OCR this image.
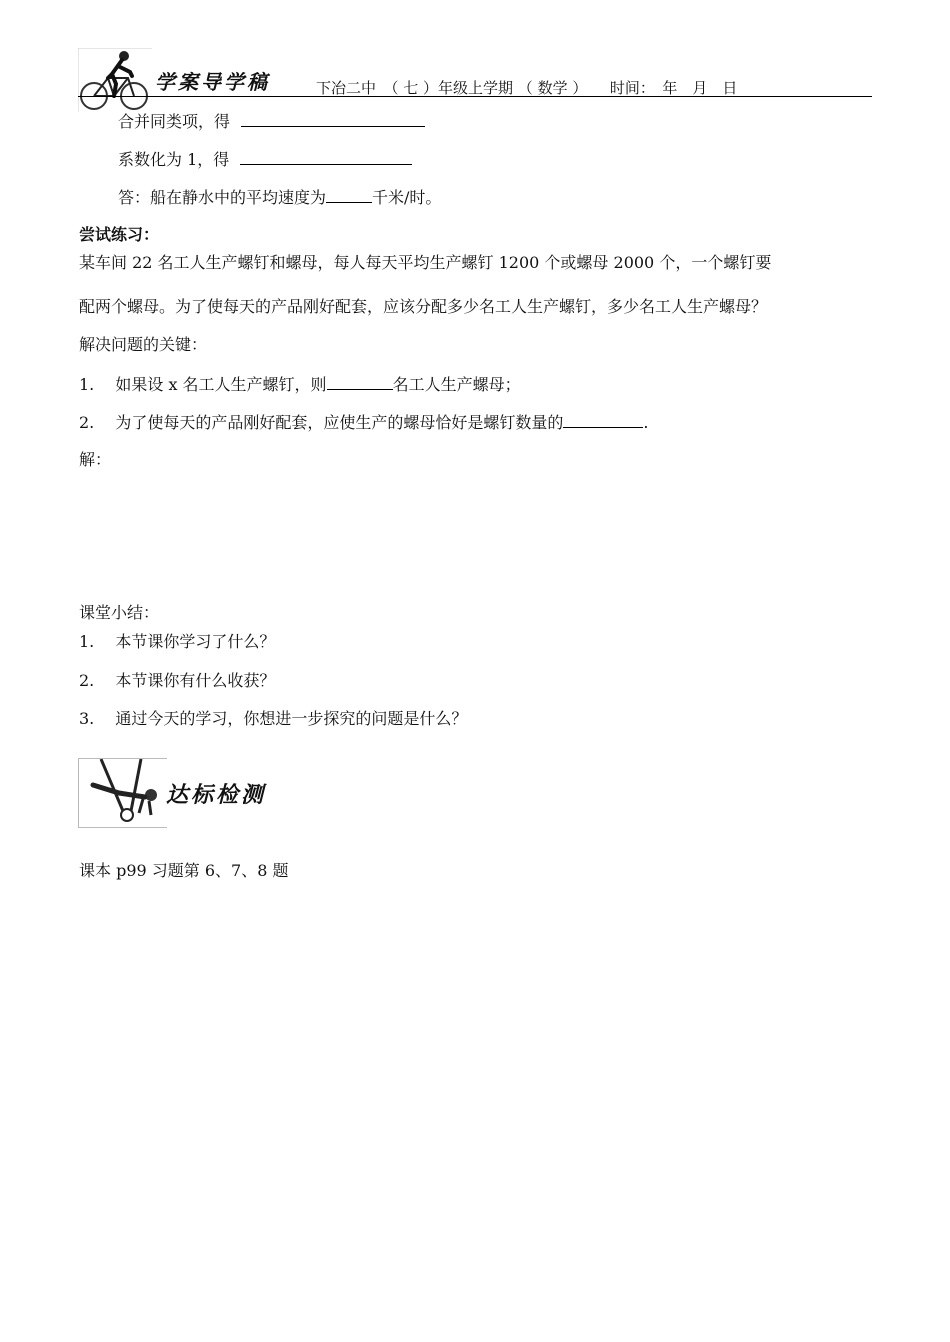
学案导学稿	下冶二中　（ 七 ）年级上学期 （ 数学 ）　　时间：　年　月　日
合并同类项，得
系数化为 1，得
答：船在静水中的平均速度为	千米/时。
尝试练习：
某车间 22 名工人生产螺钉和螺母，每人每天平均生产螺钉 1200 个或螺母 2000 个，一个螺钉要
配两个螺母。为了使每天的产品刚好配套，应该分配多少名工人生产螺钉，多少名工人生产螺母？
解决问题的关键：
1. 如果设 x 名工人生产螺钉，则	名工人生产螺母；
2. 为了使每天的产品刚好配套，应使生产的螺母恰好是螺钉数量的	.
解：
课堂小结：
1. 本节课你学习了什么？
2. 本节课你有什么收获？
3. 通过今天的学习，你想进一步探究的问题是什么？
达标检测
课本 p99 习题第 6、7、8 题
